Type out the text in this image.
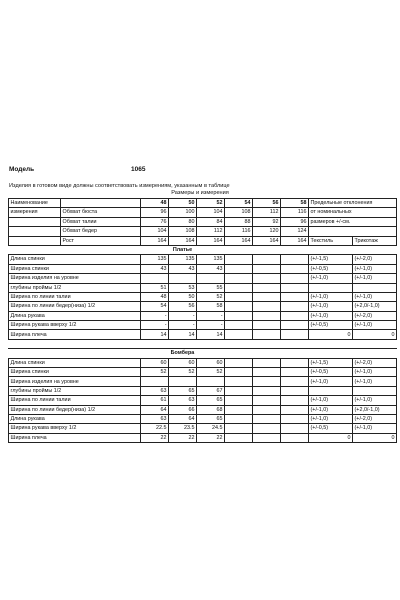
Модель	1065
Изделия в готовом виде должны соответствовать измерениям, указанным в таблице
Размеры и измерения
Наименование		48	50	52	54	56	58	Предельные отклонения	
измерения	Обхват бюста	96	100	104	108	112	116	от номинальных	
	Обхват талии	76	80	84	88	92	96	размеров +/-см.	
	Обхват бедер	104	108	112	116	120	124		
	Рост	164	164	164	164	164	164	Текстиль	Трикотаж
		Платье							
Длина спинки		135	135	135				(+/-1,5)	(+/-2,0)
Ширина спинки		43	43	43				(+/-0,5)	(+/-1,0)
Ширина изделия на уровне								(+/-1,0)	(+/-1,0)
глубины проймы 1/2		51	53	55					
Ширина по линии талии		48	50	52				(+/-1,0)	(+/-1,0)
Ширина по линии бедер(низа) 1/2		54	56	58				(+/-1,0)	(+2,0/-1,0)
Длина рукава		-	-	-				(+/-1,0)	(+/-2,0)
Ширина рукава вверху 1/2		-	-	-				(+/-0,5)	(+/-1,0)
Ширина плеча		14	14	14				0	0

		Бомбера							
Длина спинки		60	60	60				(+/-1,5)	(+/-2,0)
Ширина спинки		52	52	52				(+/-0,5)	(+/-1,0)
Ширина изделия на уровне								(+/-1,0)	(+/-1,0)
глубины проймы 1/2		63	65	67					
Ширина по линии талии		61	63	65				(+/-1,0)	(+/-1,0)
Ширина по линии бедер(низа) 1/2		64	66	68				(+/-1,0)	(+2,0/-1,0)
Длина рукава		63	64	65				(+/-1,0)	(+/-2,0)
Ширина рукава вверху 1/2		22.5	23.5	24.5				(+/-0,5)	(+/-1,0)
Ширина плеча		22	22	22				0	0
